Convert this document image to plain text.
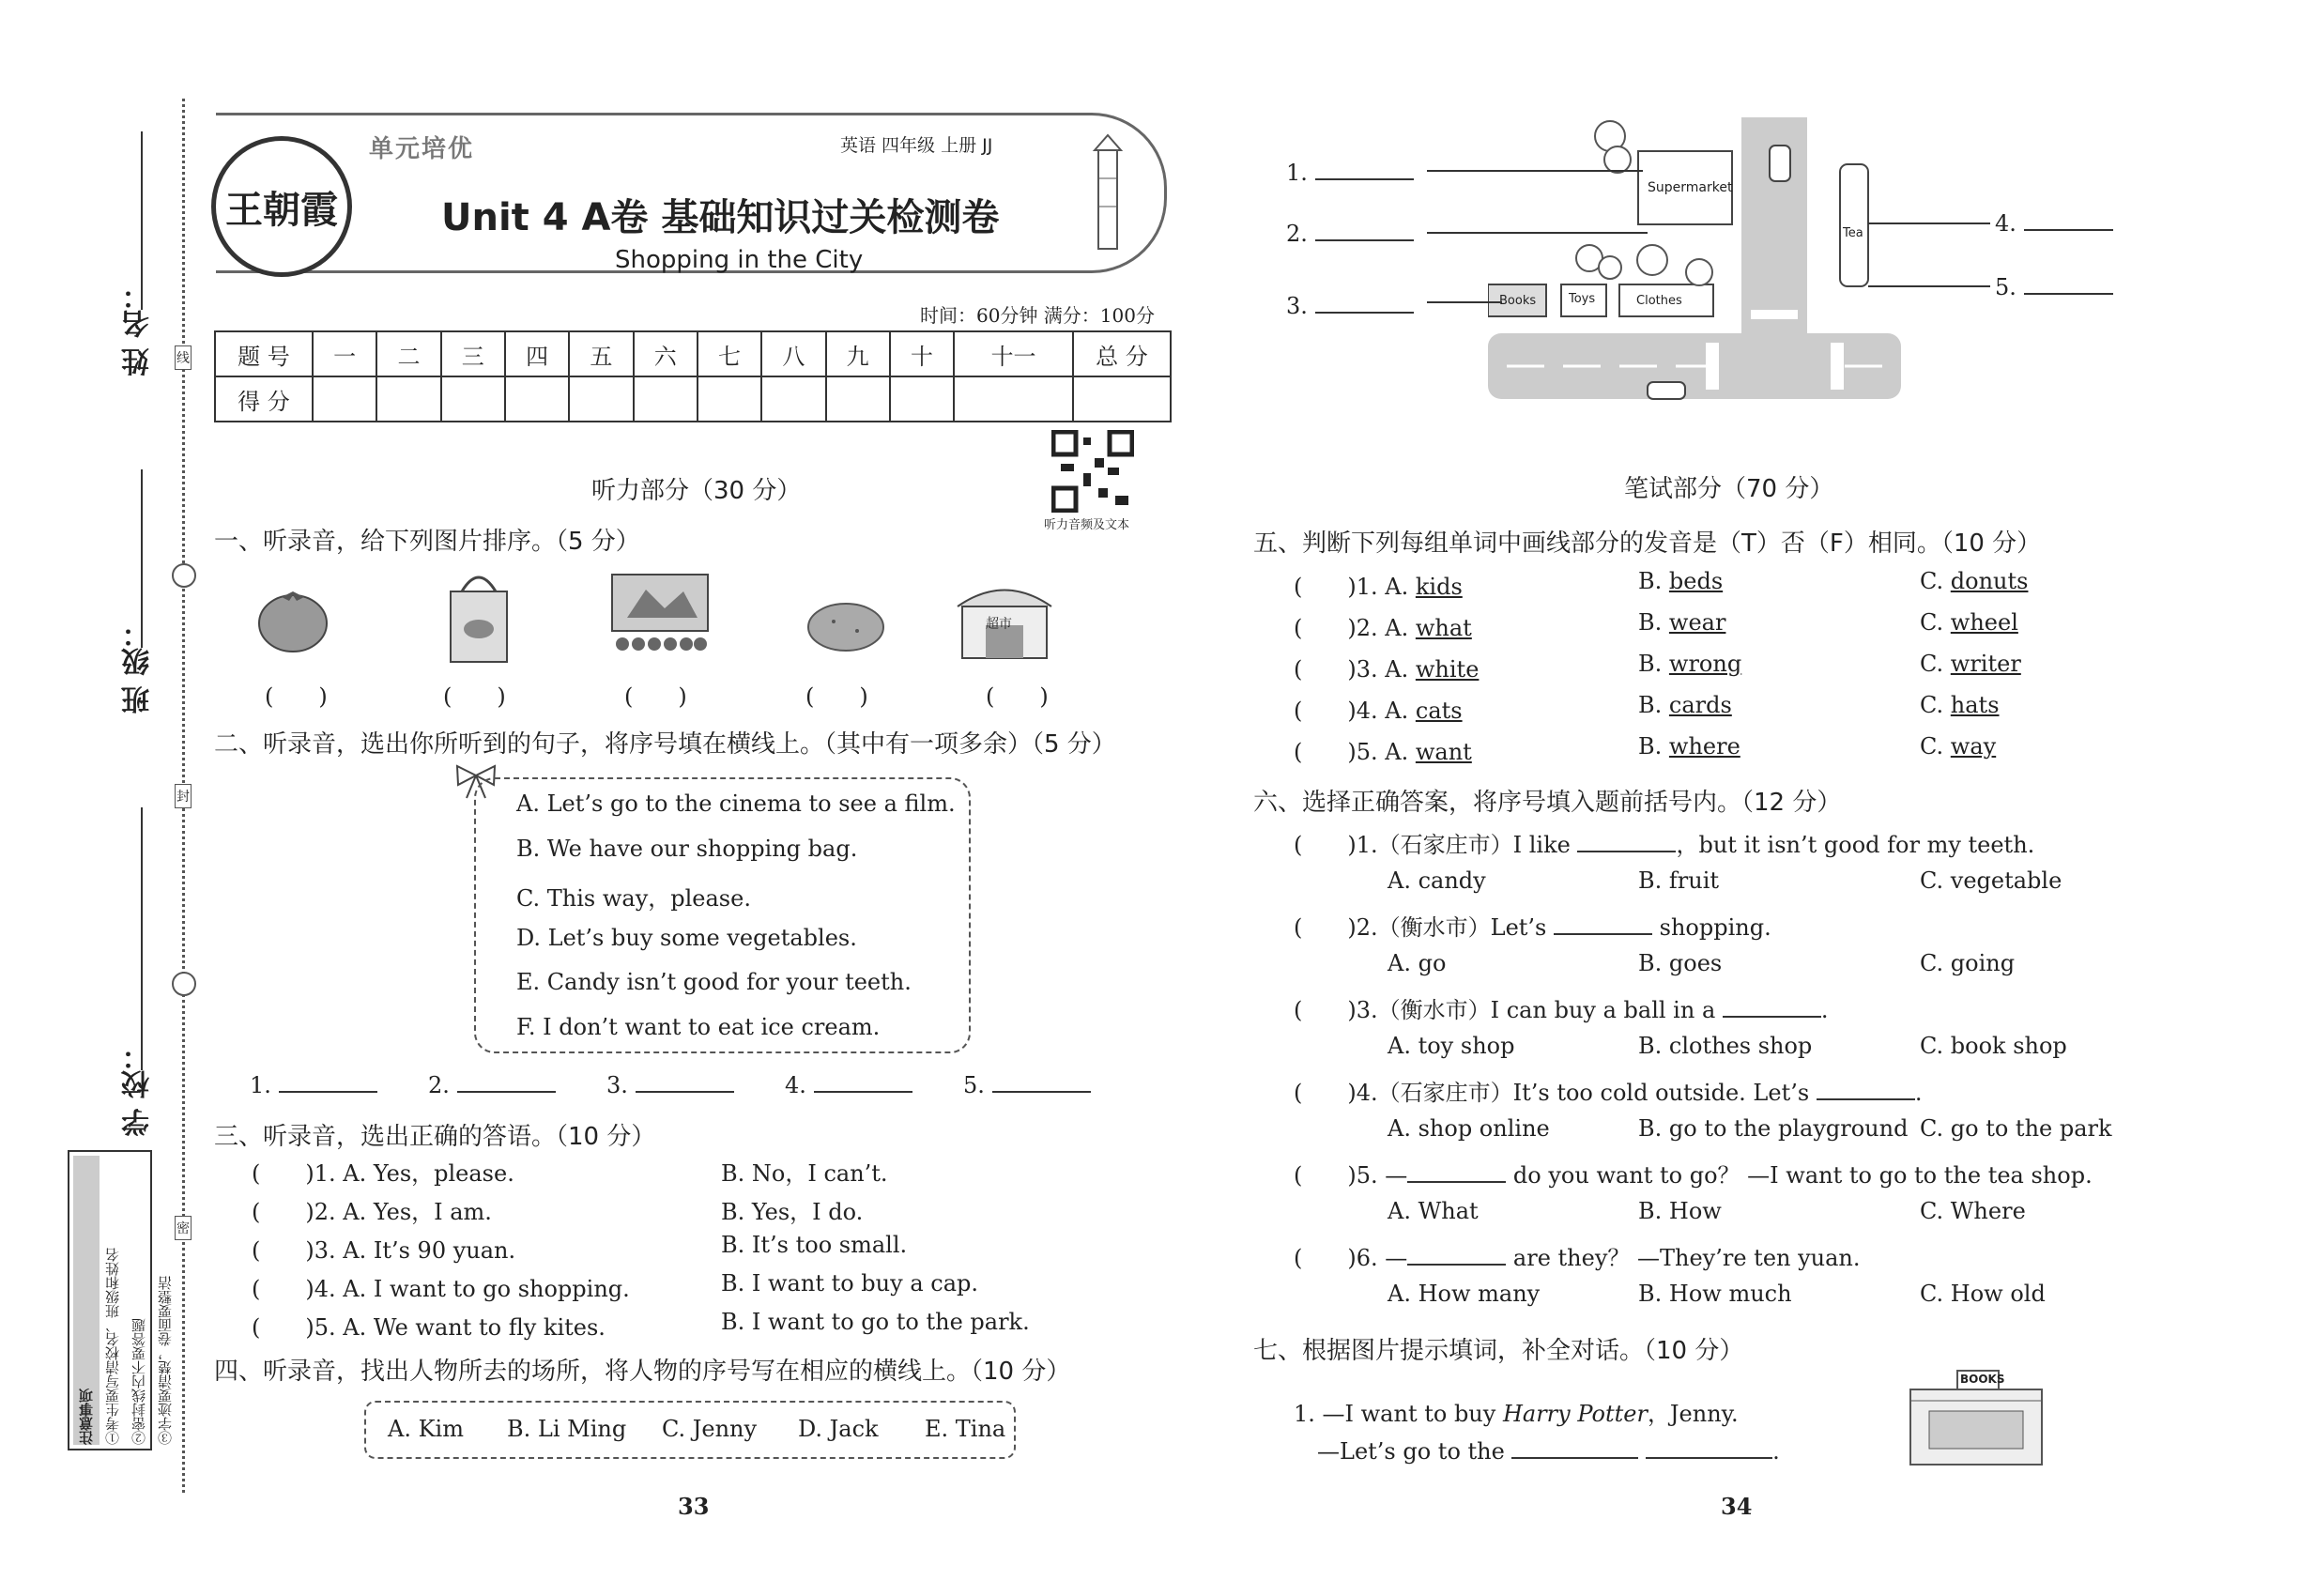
姓 名：
班 级：
学 校：
线
封
密
注意事项 ①考生要写清校名、班级和姓名 ②密封线内不要答题 ③字迹要清楚，卷面要整洁
王朝霞
单元培优	英语 四年级 上册 JJ
Unit 4 A卷 基础知识过关检测卷
Shopping in the City
时间：60分钟 满分：100分
题 号	一	二	三	四	五	六	七	八	九	十	十一	总 分
得 分												
听力音频及文本
听力部分（30 分）
一、听录音，给下列图片排序。（5 分）
超市
(　　)	(　　)	(　　)	(　　)	(　　)
二、听录音，选出你所听到的句子，将序号填在横线上。（其中有一项多余）（5 分）
A. Let’s go to the cinema to see a film.
B. We have our shopping bag.
C. This way，please.
D. Let’s buy some vegetables.
E. Candy isn’t good for your teeth.
F. I don’t want to eat ice cream.
1.	2.	3.	4.	5.
三、听录音，选出正确的答语。（10 分）
(　　)1. A. Yes，please.	B. No，I can’t.
(　　)2. A. Yes，I am.	B. Yes，I do.
(　　)3. A. It’s 90 yuan.	B. It’s too small.
(　　)4. A. I want to go shopping.	B. I want to buy a cap.
(　　)5. A. We want to fly kites.	B. I want to go to the park.
四、听录音，找出人物所去的场所，将人物的序号写在相应的横线上。（10 分）
A. Kim B. Li Ming C. Jenny D. Jack E. Tina
33
Supermarket
Books	Toys	Clothes
Tea
1.
2.
3.
4.
5.
笔试部分（70 分）
五、判断下列每组单词中画线部分的发音是（T）否（F）相同。（10 分）
(　　)1. A. kids	B. beds	C. donuts
(　　)2. A. what	B. wear	C. wheel
(　　)3. A. white	B. wrong	C. writer
(　　)4. A. cats	B. cards	C. hats
(　　)5. A. want	B. where	C. way
六、选择正确答案，将序号填入题前括号内。（12 分）
(　　)1.（石家庄市）I like	，but it isn’t good for my teeth.
A. candy	B. fruit	C. vegetable
(　　)2.（衡水市）Let’s	shopping.
A. go	B. goes	C. going
(　　)3.（衡水市）I can buy a ball in a	.
A. toy shop	B. clothes shop	C. book shop
(　　)4.（石家庄市）It’s too cold outside. Let’s	.
A. shop online	B. go to the playground C. go to the park
(　　)5. —	do you want to go？ —I want to go to the tea shop.
A. What	B. How	C. Where
(　　)6. —	are they？ —They’re ten yuan.
A. How many	B. How much	C. How old
七、根据图片提示填词，补全对话。（10 分）
1. —I want to buy Harry Potter，Jenny.
—Let’s go to the	.
BOOKS
34
